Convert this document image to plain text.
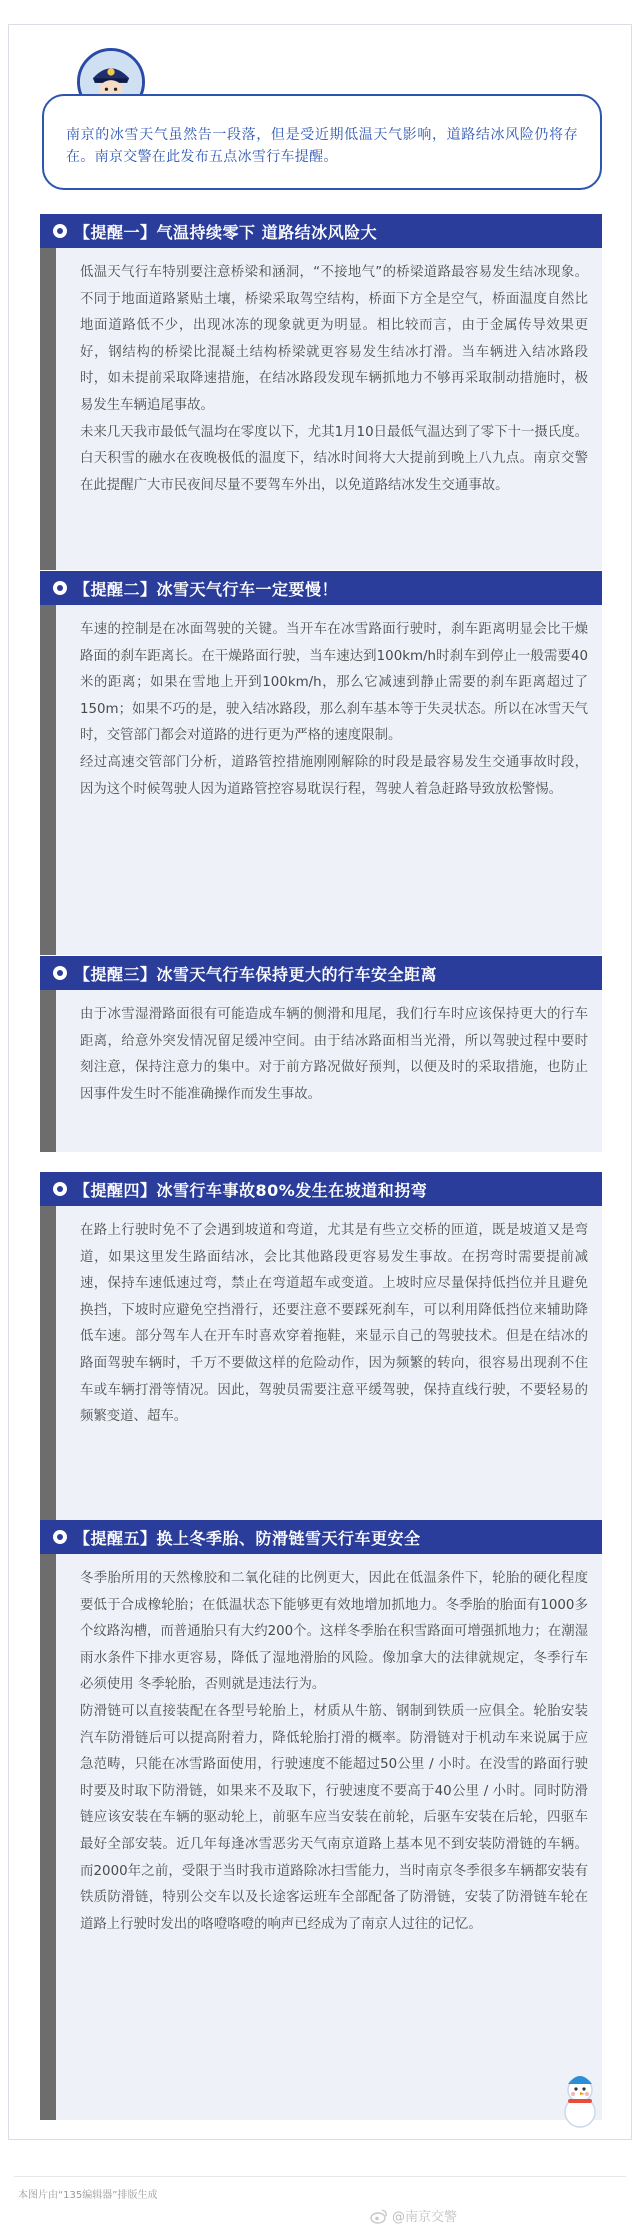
南京的冰雪天气虽然告一段落，但是受近期低温天气影响，道路结冰风险仍将存在。南京交警在此发布五点冰雪行车提醒。
【提醒一】气温持续零下 道路结冰风险大

低温天气行车特别要注意桥梁和涵洞，“不接地气”的桥梁道路最容易发生结冰现象。不同于地面道路紧贴土壤，桥梁采取驾空结构，桥面下方全是空气，桥面温度自然比地面道路低不少，出现冰冻的现象就更为明显。相比较而言，由于金属传导效果更好，钢结构的桥梁比混凝土结构桥梁就更容易发生结冰打滑。当车辆进入结冰路段时，如未提前采取降速措施，在结冰路段发现车辆抓地力不够再采取制动措施时，极易发生车辆追尾事故。

未来几天我市最低气温均在零度以下，尤其1月10日最低气温达到了零下十一摄氏度。白天积雪的融水在夜晚极低的温度下，结冰时间将大大提前到晚上八九点。南京交警在此提醒广大市民夜间尽量不要驾车外出，以免道路结冰发生交通事故。

【提醒二】冰雪天气行车一定要慢！

车速的控制是在冰面驾驶的关键。当开车在冰雪路面行驶时，刹车距离明显会比干燥路面的刹车距离长。在干燥路面行驶，当车速达到100km/h时刹车到停止一般需要40米的距离；如果在雪地上开到100km/h，那么它减速到静止需要的刹车距离超过了150m；如果不巧的是，驶入结冰路段，那么刹车基本等于失灵状态。所以在冰雪天气时，交管部门都会对道路的进行更为严格的速度限制。

经过高速交管部门分析，道路管控措施刚刚解除的时段是最容易发生交通事故时段，因为这个时候驾驶人因为道路管控容易耽误行程，驾驶人着急赶路导致放松警惕。

【提醒三】冰雪天气行车保持更大的行车安全距离

由于冰雪湿滑路面很有可能造成车辆的侧滑和甩尾，我们行车时应该保持更大的行车距离，给意外突发情况留足缓冲空间。由于结冰路面相当光滑，所以驾驶过程中要时刻注意，保持注意力的集中。对于前方路况做好预判，以便及时的采取措施，也防止因事件发生时不能准确操作而发生事故。

【提醒四】冰雪行车事故80%发生在坡道和拐弯

在路上行驶时免不了会遇到坡道和弯道，尤其是有些立交桥的匝道，既是坡道又是弯道，如果这里发生路面结冰，会比其他路段更容易发生事故。在拐弯时需要提前减速，保持车速低速过弯，禁止在弯道超车或变道。上坡时应尽量保持低挡位并且避免换挡，下坡时应避免空挡滑行，还要注意不要踩死刹车，可以利用降低挡位来辅助降低车速。部分驾车人在开车时喜欢穿着拖鞋，来显示自己的驾驶技术。但是在结冰的路面驾驶车辆时，千万不要做这样的危险动作，因为频繁的转向，很容易出现刹不住车或车辆打滑等情况。因此，驾驶员需要注意平缓驾驶，保持直线行驶，不要轻易的频繁变道、超车。

【提醒五】换上冬季胎、防滑链雪天行车更安全

冬季胎所用的天然橡胶和二氧化硅的比例更大，因此在低温条件下，轮胎的硬化程度要低于合成橡轮胎；在低温状态下能够更有效地增加抓地力。冬季胎的胎面有1000多个纹路沟槽，而普通胎只有大约200个。这样冬季胎在积雪路面可增强抓地力；在潮湿雨水条件下排水更容易，降低了湿地滑胎的风险。像加拿大的法律就规定，冬季行车必须使用 冬季轮胎，否则就是违法行为。

防滑链可以直接装配在各型号轮胎上，材质从牛筋、钢制到铁质一应俱全。轮胎安装汽车防滑链后可以提高附着力，降低轮胎打滑的概率。防滑链对于机动车来说属于应急范畴，只能在冰雪路面使用，行驶速度不能超过50公里 / 小时。在没雪的路面行驶时要及时取下防滑链，如果来不及取下，行驶速度不要高于40公里 / 小时。同时防滑链应该安装在车辆的驱动轮上，前驱车应当安装在前轮，后驱车安装在后轮，四驱车最好全部安装。近几年每逢冰雪恶劣天气南京道路上基本见不到安装防滑链的车辆。而2000年之前，受限于当时我市道路除冰扫雪能力，当时南京冬季很多车辆都安装有铁质防滑链，特别公交车以及长途客运班车全部配备了防滑链，安装了防滑链车轮在道路上行驶时发出的咯噔咯噔的响声已经成为了南京人过往的记忆。

本图片由“135编辑器”排版生成
@南京交警
